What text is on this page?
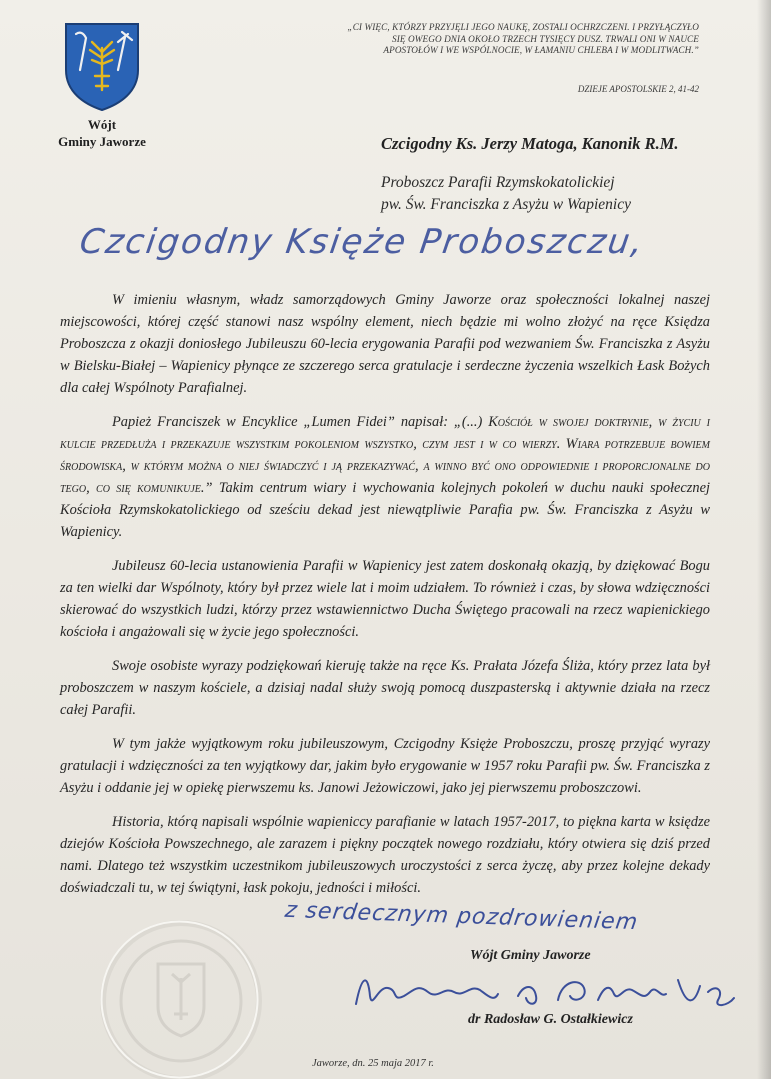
Wójt
Gminy Jaworze
„CI WIĘC, KTÓRZY PRZYJĘLI JEGO NAUKĘ, ZOSTALI OCHRZCZENI. I PRZYŁĄCZYŁO SIĘ OWEGO DNIA OKOŁO TRZECH TYSIĘCY DUSZ. TRWALI ONI W NAUCE APOSTOŁÓW I WE WSPÓLNOCIE, W ŁAMANIU CHLEBA I W MODLITWACH.”
DZIEJE APOSTOLSKIE 2, 41-42
Czcigodny Ks. Jerzy Matoga, Kanonik R.M.
Proboszcz Parafii Rzymskokatolickiej
pw. Św. Franciszka z Asyżu w Wapienicy
Czcigodny Księże Proboszczu,

W imieniu własnym, władz samorządowych Gminy Jaworze oraz społeczności lokalnej naszej miejscowości, której część stanowi nasz wspólny element, niech będzie mi wolno złożyć na ręce Księdza Proboszcza z okazji doniosłego Jubileuszu 60-lecia erygowania Parafii pod wezwaniem Św. Franciszka z Asyżu w Bielsku-Białej – Wapienicy płynące ze szczerego serca gratulacje i serdeczne życzenia wszelkich Łask Bożych dla całej Wspólnoty Parafialnej.

Papież Franciszek w Encyklice „Lumen Fidei” napisał: „(...) Kościół w swojej doktrynie, w życiu i kulcie przedłuża i przekazuje wszystkim pokoleniom wszystko, czym jest i w co wierzy. Wiara potrzebuje bowiem środowiska, w którym można o niej świadczyć i ją przekazywać, a winno być ono odpowiednie i proporcjonalne do tego, co się komunikuje.” Takim centrum wiary i wychowania kolejnych pokoleń w duchu nauki społecznej Kościoła Rzymskokatolickiego od sześciu dekad jest niewątpliwie Parafia pw. Św. Franciszka z Asyżu w Wapienicy.

Jubileusz 60-lecia ustanowienia Parafii w Wapienicy jest zatem doskonałą okazją, by dziękować Bogu za ten wielki dar Wspólnoty, który był przez wiele lat i moim udziałem. To również i czas, by słowa wdzięczności skierować do wszystkich ludzi, którzy przez wstawiennictwo Ducha Świętego pracowali na rzecz wapienickiego kościoła i angażowali się w życie jego społeczności.

Swoje osobiste wyrazy podziękowań kieruję także na ręce Ks. Prałata Józefa Śliża, który przez lata był proboszczem w naszym kościele, a dzisiaj nadal służy swoją pomocą duszpasterską i aktywnie działa na rzecz całej Parafii.

W tym jakże wyjątkowym roku jubileuszowym, Czcigodny Księże Proboszczu, proszę przyjąć wyrazy gratulacji i wdzięczności za ten wyjątkowy dar, jakim było erygowanie w 1957 roku Parafii pw. Św. Franciszka z Asyżu i oddanie jej w opiekę pierwszemu ks. Janowi Jeżowiczowi, jako jej pierwszemu proboszczowi.

Historia, którą napisali wspólnie wapieniccy parafianie w latach 1957-2017, to piękna karta w księdze dziejów Kościoła Powszechnego, ale zarazem i piękny początek nowego rozdziału, który otwiera się dziś przed nami. Dlatego też wszystkim uczestnikom jubileuszowych uroczystości z serca życzę, aby przez kolejne dekady doświadczali tu, w tej świątyni, łask pokoju, jedności i miłości.

z serdecznym pozdrowieniem
Wójt Gminy Jaworze
dr Radosław G. Ostałkiewicz
Jaworze, dn. 25 maja 2017 r.
